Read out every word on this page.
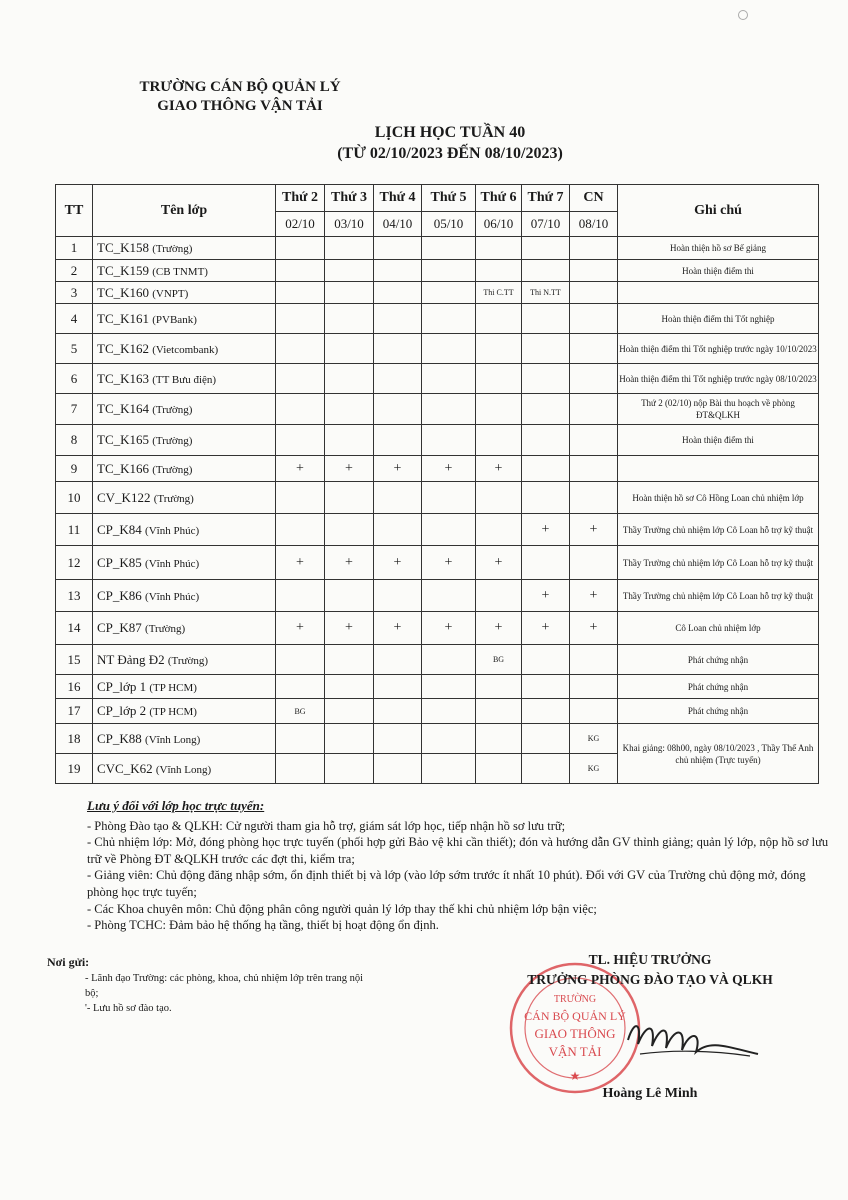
TRƯỜNG CÁN BỘ QUẢN LÝ
GIAO THÔNG VẬN TẢI
LỊCH HỌC TUẦN 40
(TỪ 02/10/2023 ĐẾN 08/10/2023)
TT	Tên lớp	Thứ 2	Thứ 3	Thứ 4	Thứ 5	Thứ 6	Thứ 7	CN	Ghi chú
		02/10	03/10	04/10	05/10	06/10	07/10	08/10	
1	TC_K158 (Trường)								Hoàn thiện hồ sơ Bế giảng
2	TC_K159 (CB TNMT)								Hoàn thiện điểm thi
3	TC_K160 (VNPT)					Thi C.TT	Thi N.TT		
4	TC_K161 (PVBank)								Hoàn thiện điểm thi Tốt nghiệp
5	TC_K162 (Vietcombank)								Hoàn thiện điểm thi Tốt nghiệp trước ngày 10/10/2023
6	TC_K163 (TT Bưu điện)								Hoàn thiện điểm thi Tốt nghiệp trước ngày 08/10/2023
7	TC_K164 (Trường)								Thứ 2 (02/10) nộp Bài thu hoạch về phòng ĐT&QLKH
8	TC_K165 (Trường)								Hoàn thiện điểm thi
9	TC_K166 (Trường)	+	+	+	+	+			
10	CV_K122 (Trường)								Hoàn thiện hồ sơ Cô Hồng Loan chủ nhiệm lớp
11	CP_K84 (Vĩnh Phúc)						+	+	Thầy Trường chủ nhiệm lớp Cô Loan hỗ trợ kỹ thuật
12	CP_K85 (Vĩnh Phúc)	+	+	+	+	+			Thầy Trường chủ nhiệm lớp Cô Loan hỗ trợ kỹ thuật
13	CP_K86 (Vĩnh Phúc)						+	+	Thầy Trường chủ nhiệm lớp Cô Loan hỗ trợ kỹ thuật
14	CP_K87 (Trường)	+	+	+	+	+	+	+	Cô Loan chủ nhiệm lớp
15	NT Đảng Đ2 (Trường)					BG			Phát chứng nhận
16	CP_lớp 1 (TP HCM)								Phát chứng nhận
17	CP_lớp 2 (TP HCM)	BG							Phát chứng nhận
18	CP_K88 (Vĩnh Long)							KG	Khai giảng: 08h00, ngày 08/10/2023 , Thầy Thế Anh chủ nhiệm (Trực tuyến)
19	CVC_K62 (Vĩnh Long)							KG	
Lưu ý đối với lớp học trực tuyến:

- Phòng Đào tạo & QLKH: Cử người tham gia hỗ trợ, giám sát lớp học, tiếp nhận hồ sơ lưu trữ;

- Chủ nhiệm lớp: Mở, đóng phòng học trực tuyến (phối hợp gửi Bảo vệ khi cần thiết); đón và hướng dẫn GV thỉnh giảng; quản lý lớp, nộp hồ sơ lưu trữ về Phòng ĐT &QLKH trước các đợt thi, kiểm tra;

- Giảng viên: Chủ động đăng nhập sớm, ổn định thiết bị và lớp (vào lớp sớm trước ít nhất 10 phút). Đối với GV của Trường chủ động mở, đóng phòng học trực tuyến;

- Các Khoa chuyên môn: Chủ động phân công người quản lý lớp thay thế khi chủ nhiệm lớp bận việc;

- Phòng TCHC: Đảm bảo hệ thống hạ tầng, thiết bị hoạt động ổn định.

Nơi gửi:

- Lãnh đạo Trường: các phòng, khoa, chủ nhiệm lớp trên trang nội bộ;

'- Lưu hồ sơ đào tạo.

TRƯỜNG
CÁN BỘ QUẢN LÝ
GIAO THÔNG
VẬN TẢI
★
TL. HIỆU TRƯỞNG
TRƯỞNG PHÒNG ĐÀO TẠO VÀ QLKH
Hoàng Lê Minh
